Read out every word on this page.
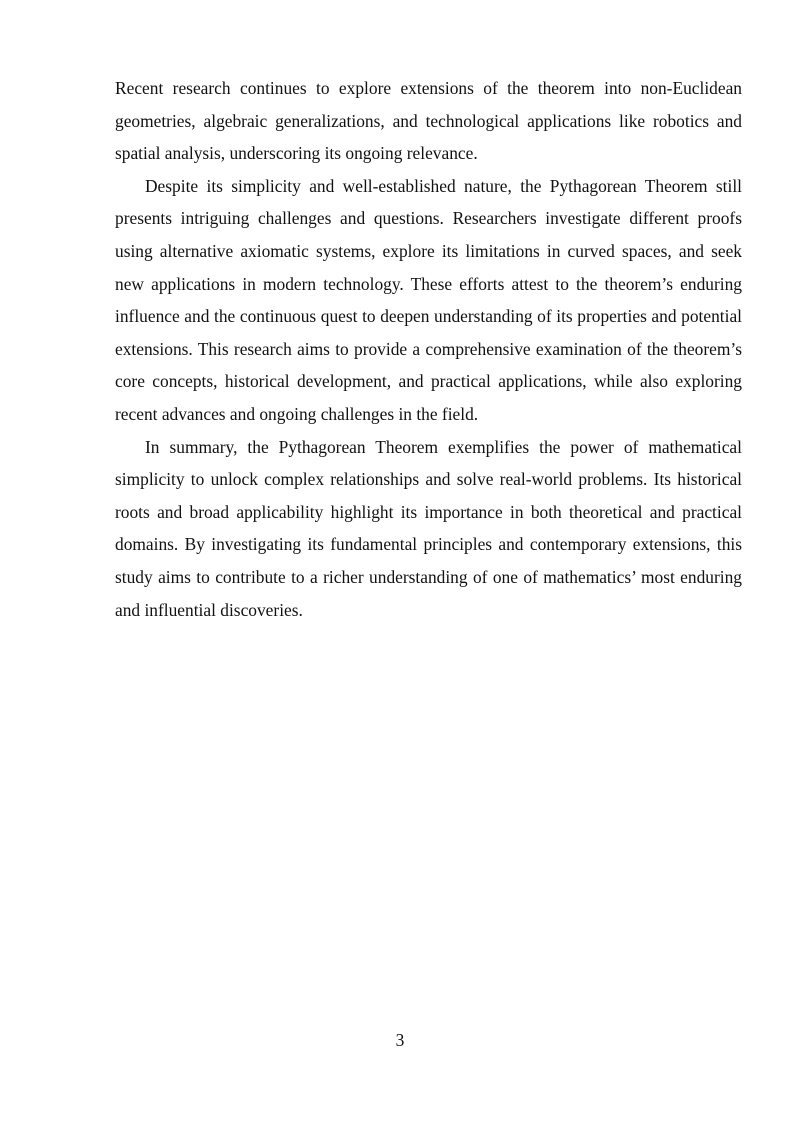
Recent research continues to explore extensions of the theorem into non-Euclidean geometries, algebraic generalizations, and technological applications like robotics and spatial analysis, underscoring its ongoing relevance.

Despite its simplicity and well-established nature, the Pythagorean Theorem still presents intriguing challenges and questions. Researchers investigate different proofs using alternative axiomatic systems, explore its limitations in curved spaces, and seek new applications in modern technology. These efforts attest to the theorem’s enduring influence and the continuous quest to deepen understanding of its properties and potential extensions. This research aims to provide a comprehensive examination of the theorem’s core concepts, historical development, and practical applications, while also exploring recent advances and ongoing challenges in the field.

In summary, the Pythagorean Theorem exemplifies the power of mathematical simplicity to unlock complex relationships and solve real-world problems. Its historical roots and broad applicability highlight its importance in both theoretical and practical domains. By investigating its fundamental principles and contemporary extensions, this study aims to contribute to a richer understanding of one of mathematics’ most enduring and influential discoveries.

3
